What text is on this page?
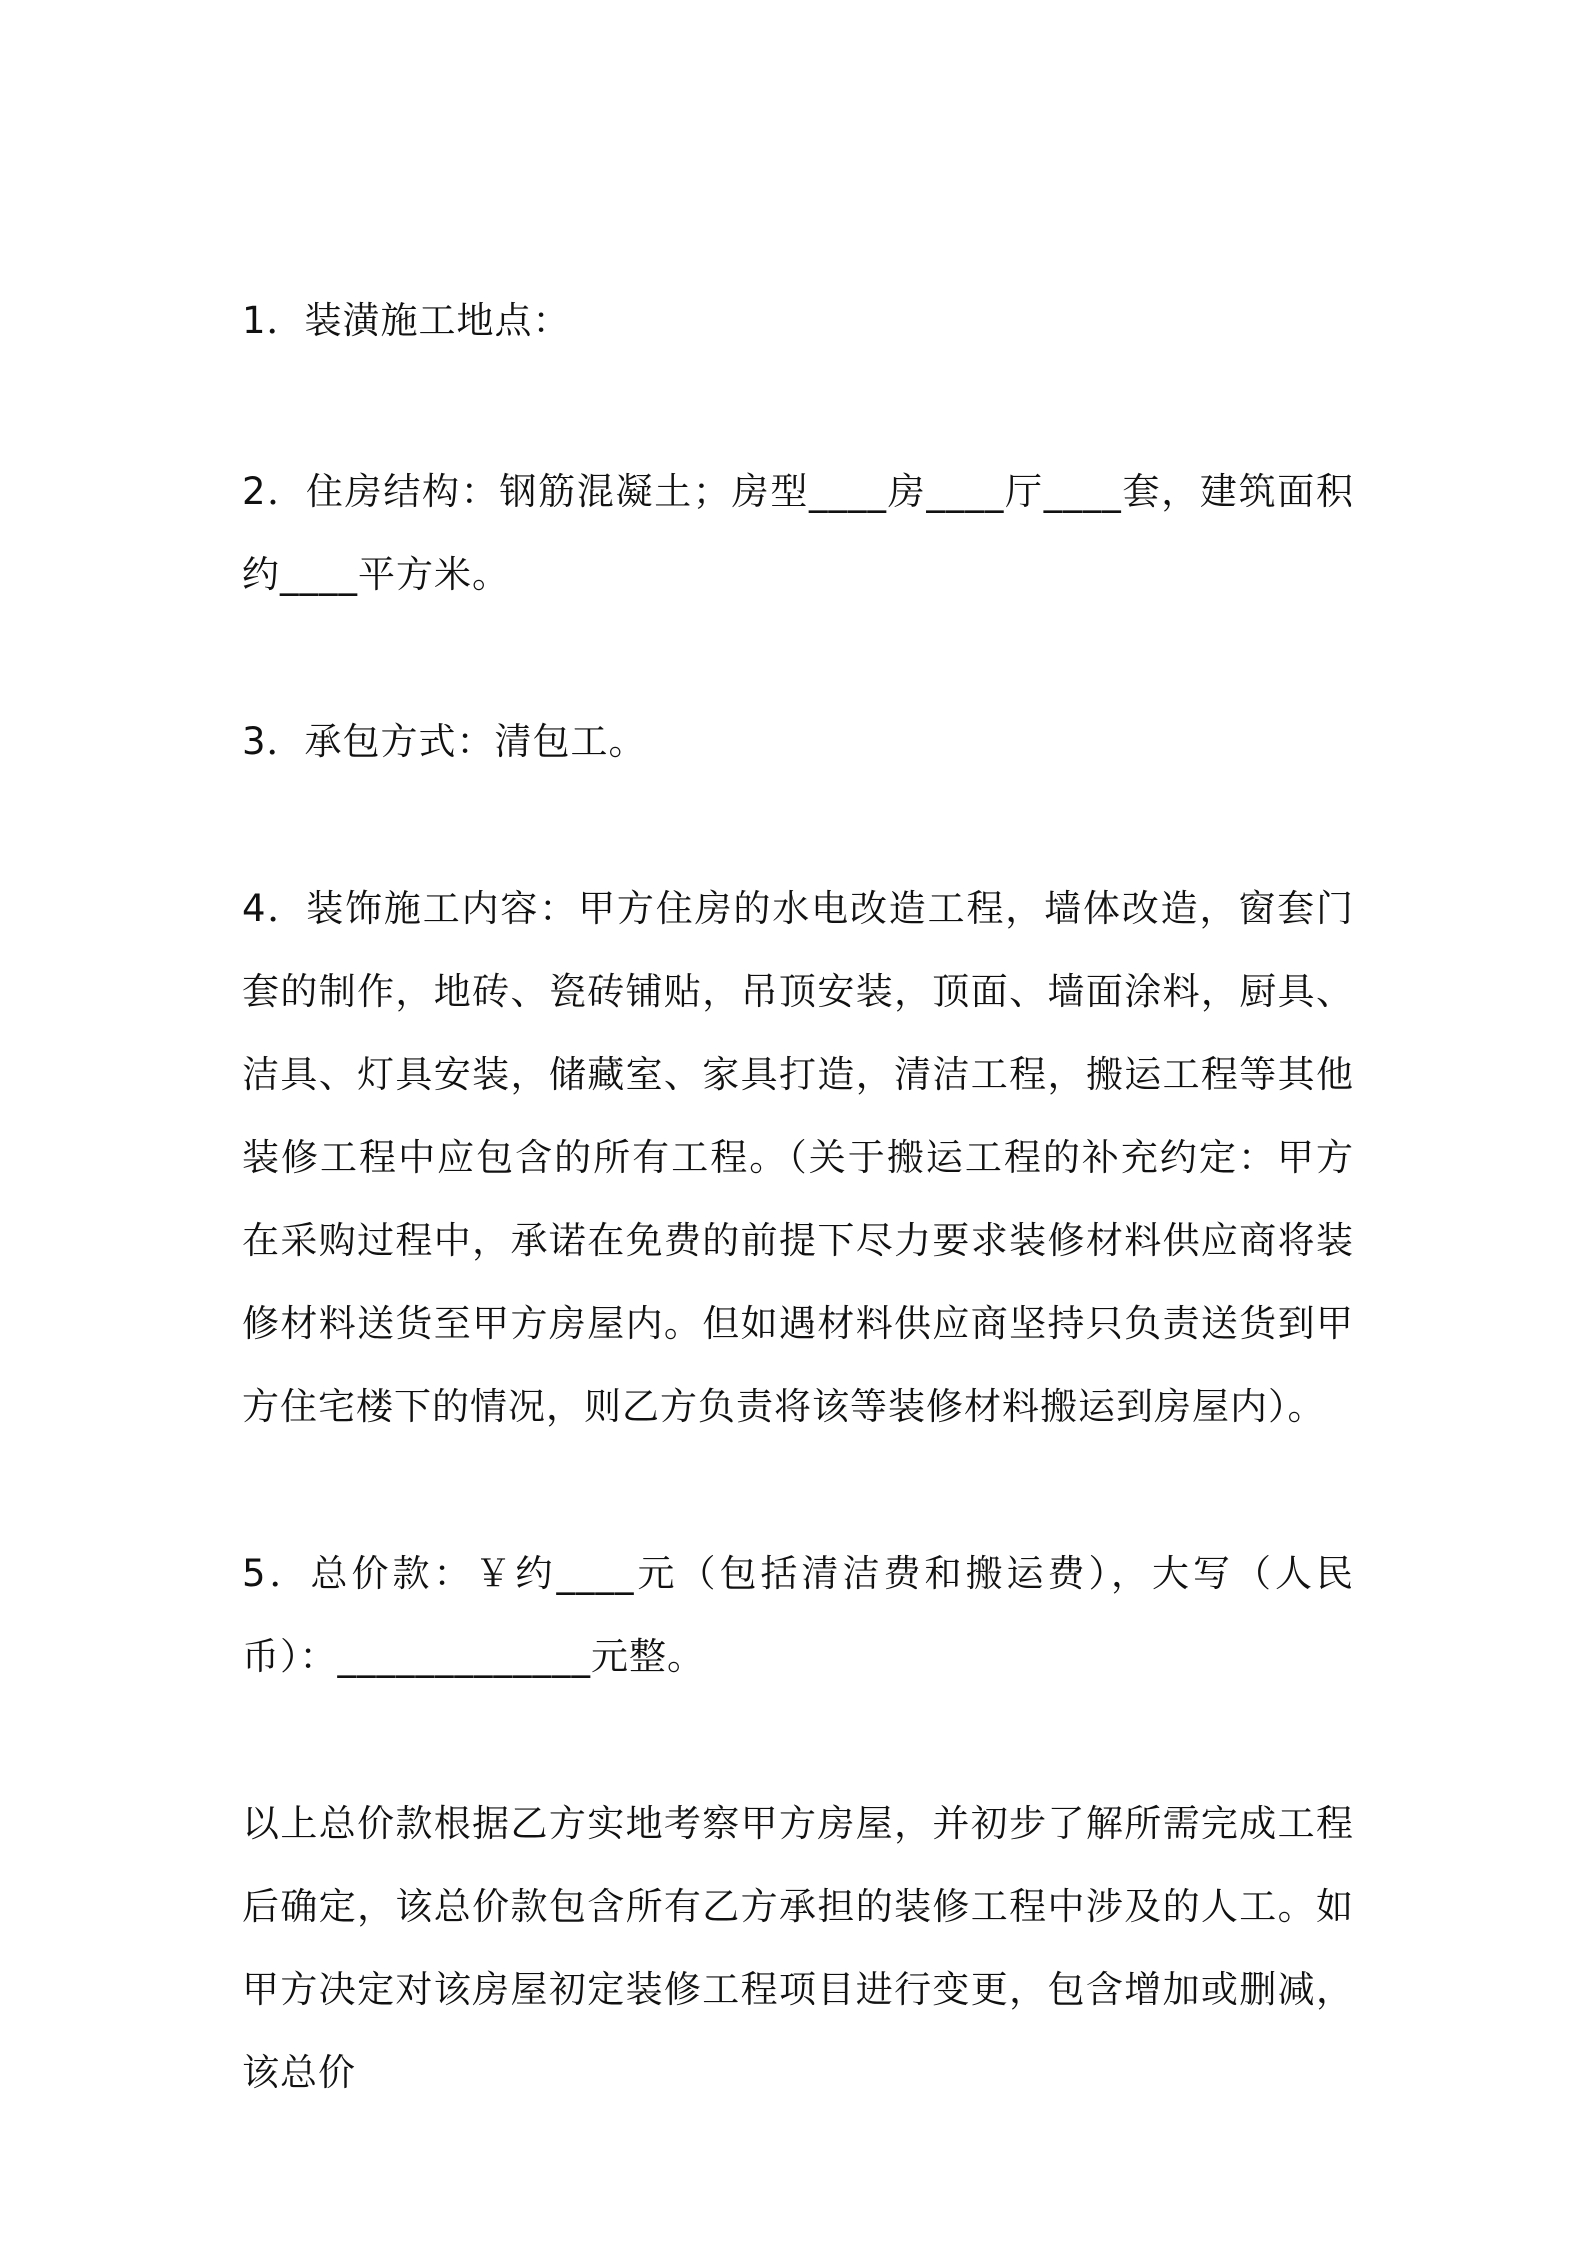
1．装潢施工地点：

2．住房结构：钢筋混凝土；房型____房____厅____套，建筑面积约____平方米。

3．承包方式：清包工。

4．装饰施工内容：甲方住房的水电改造工程，墙体改造，窗套门套的制作，地砖、瓷砖铺贴，吊顶安装，顶面、墙面涂料，厨具、洁具、灯具安装，储藏室、家具打造，清洁工程，搬运工程等其他装修工程中应包含的所有工程。（关于搬运工程的补充约定：甲方在采购过程中，承诺在免费的前提下尽力要求装修材料供应商将装修材料送货至甲方房屋内。但如遇材料供应商坚持只负责送货到甲方住宅楼下的情况，则乙方负责将该等装修材料搬运到房屋内）。

5．总价款：￥约____元（包括清洁费和搬运费），大写（人民币）：_____________元整。

以上总价款根据乙方实地考察甲方房屋，并初步了解所需完成工程后确定，该总价款包含所有乙方承担的装修工程中涉及的人工。如甲方决定对该房屋初定装修工程项目进行变更，包含增加或删减，该总价
